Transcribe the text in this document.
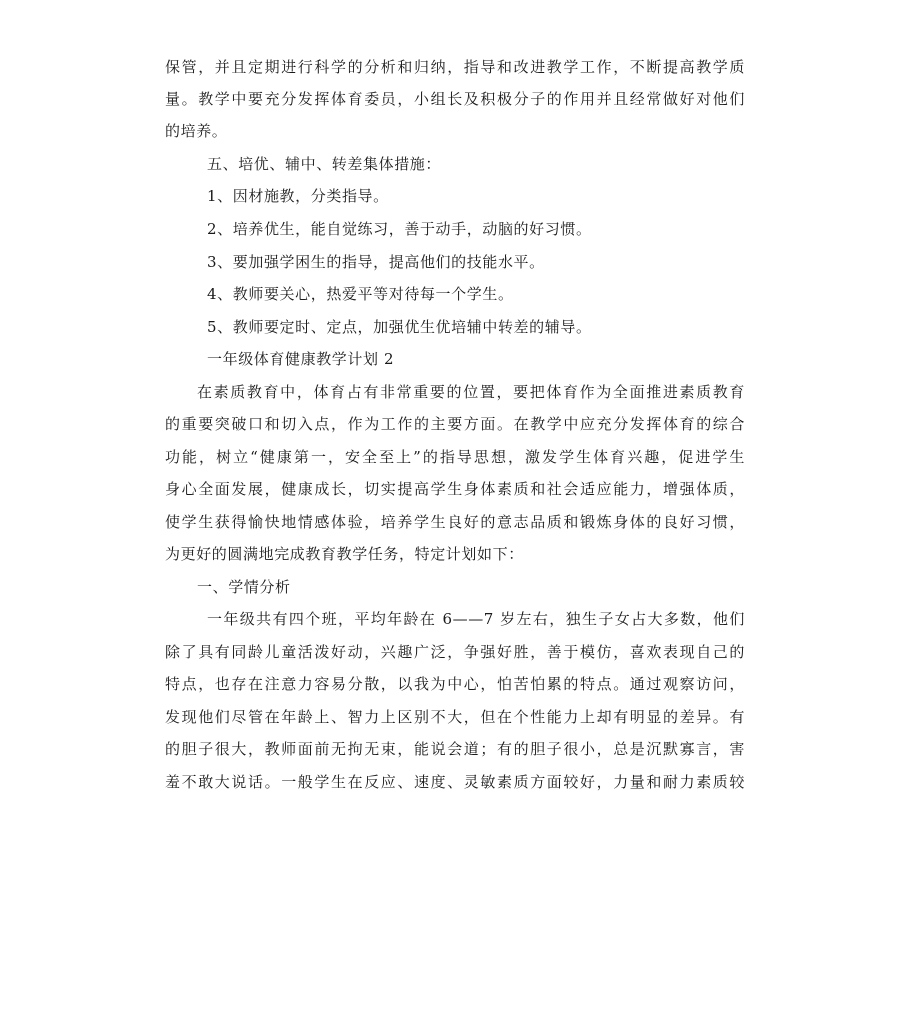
保管，并且定期进行科学的分析和归纳，指导和改进教学工作，不断提高教学质
量。教学中要充分发挥体育委员，小组长及积极分子的作用并且经常做好对他们
的培养。
五、培优、辅中、转差集体措施：
1、因材施教，分类指导。
2、培养优生，能自觉练习，善于动手，动脑的好习惯。
3、要加强学困生的指导，提高他们的技能水平。
4、教师要关心，热爱平等对待每一个学生。
5、教师要定时、定点，加强优生优培辅中转差的辅导。
一年级体育健康教学计划 2
在素质教育中，体育占有非常重要的位置，要把体育作为全面推进素质教育
的重要突破口和切入点，作为工作的主要方面。在教学中应充分发挥体育的综合
功能，树立“健康第一，安全至上”的指导思想，激发学生体育兴趣，促进学生
身心全面发展，健康成长，切实提高学生身体素质和社会适应能力，增强体质，
使学生获得愉快地情感体验，培养学生良好的意志品质和锻炼身体的良好习惯，
为更好的圆满地完成教育教学任务，特定计划如下：
一、学情分析
一年级共有四个班，平均年龄在 6——7 岁左右，独生子女占大多数，他们
除了具有同龄儿童活泼好动，兴趣广泛，争强好胜，善于模仿，喜欢表现自己的
特点，也存在注意力容易分散，以我为中心，怕苦怕累的特点。通过观察访问，
发现他们尽管在年龄上、智力上区别不大，但在个性能力上却有明显的差异。有
的胆子很大，教师面前无拘无束，能说会道；有的胆子很小，总是沉默寡言，害
羞不敢大说话。一般学生在反应、速度、灵敏素质方面较好，力量和耐力素质较
